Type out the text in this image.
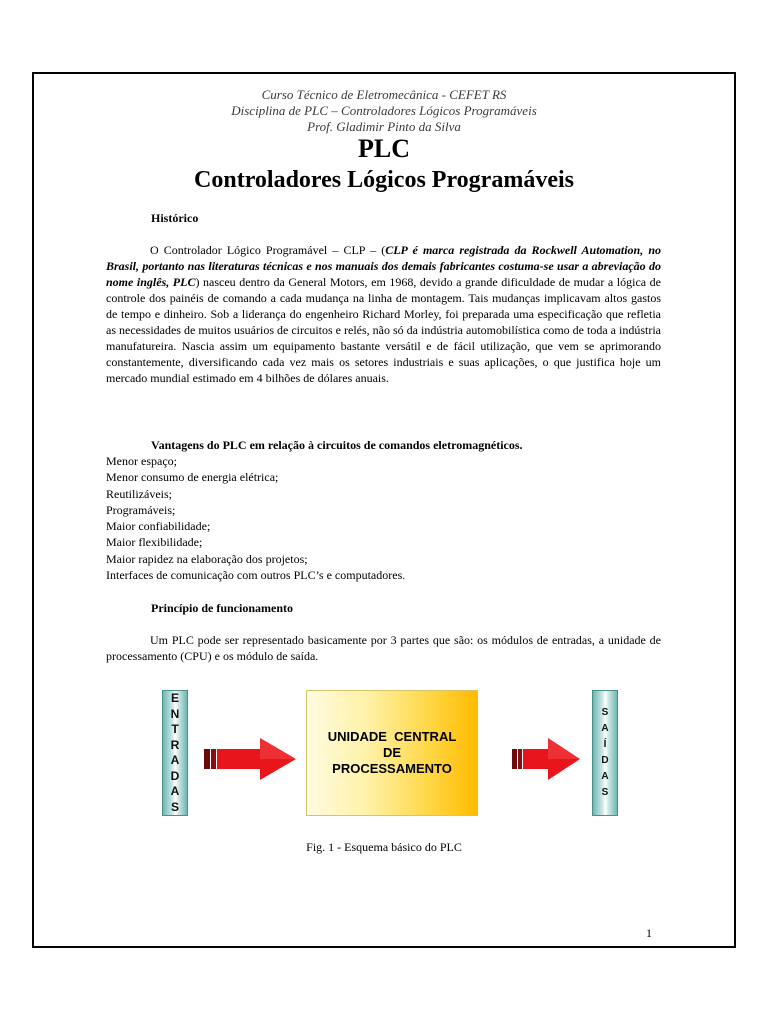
Curso Técnico de Eletromecânica - CEFET RS
Disciplina de PLC – Controladores Lógicos Programáveis
Prof. Gladimir Pinto da Silva
PLC
Controladores Lógicos Programáveis
Histórico
O Controlador Lógico Programável – CLP – (CLP é marca registrada da Rockwell Automation, no Brasil, portanto nas literaturas técnicas e nos manuais dos demais fabricantes costuma-se usar a abreviação do nome inglês, PLC) nasceu dentro da General Motors, em 1968, devido a grande dificuldade de mudar a lógica de controle dos painéis de comando a cada mudança na linha de montagem. Tais mudanças implicavam altos gastos de tempo e dinheiro. Sob a liderança do engenheiro Richard Morley, foi preparada uma especificação que refletia as necessidades de muitos usuários de circuitos e relés, não só da indústria automobilística como de toda a indústria manufatureira. Nascia assim um equipamento bastante versátil e de fácil utilização, que vem se aprimorando constantemente, diversificando cada vez mais os setores industriais e suas aplicações, o que justifica hoje um mercado mundial estimado em 4 bilhões de dólares anuais.
Vantagens do PLC em relação à circuitos de comandos eletromagnéticos.
Menor espaço;
Menor consumo de energia elétrica;
Reutilizáveis;
Programáveis;
Maior confiabilidade;
Maior flexibilidade;
Maior rapidez na elaboração dos projetos;
Interfaces de comunicação com outros PLC’s e computadores.
Princípio de funcionamento
Um PLC pode ser representado basicamente por 3 partes que são: os módulos de entradas, a unidade de processamento (CPU) e os módulo de saída.
E
N
T
R
A
D
A
S
UNIDADE  CENTRAL
DE
PROCESSAMENTO
S
A
Í
D
A
S
Fig. 1 - Esquema básico do PLC
1
